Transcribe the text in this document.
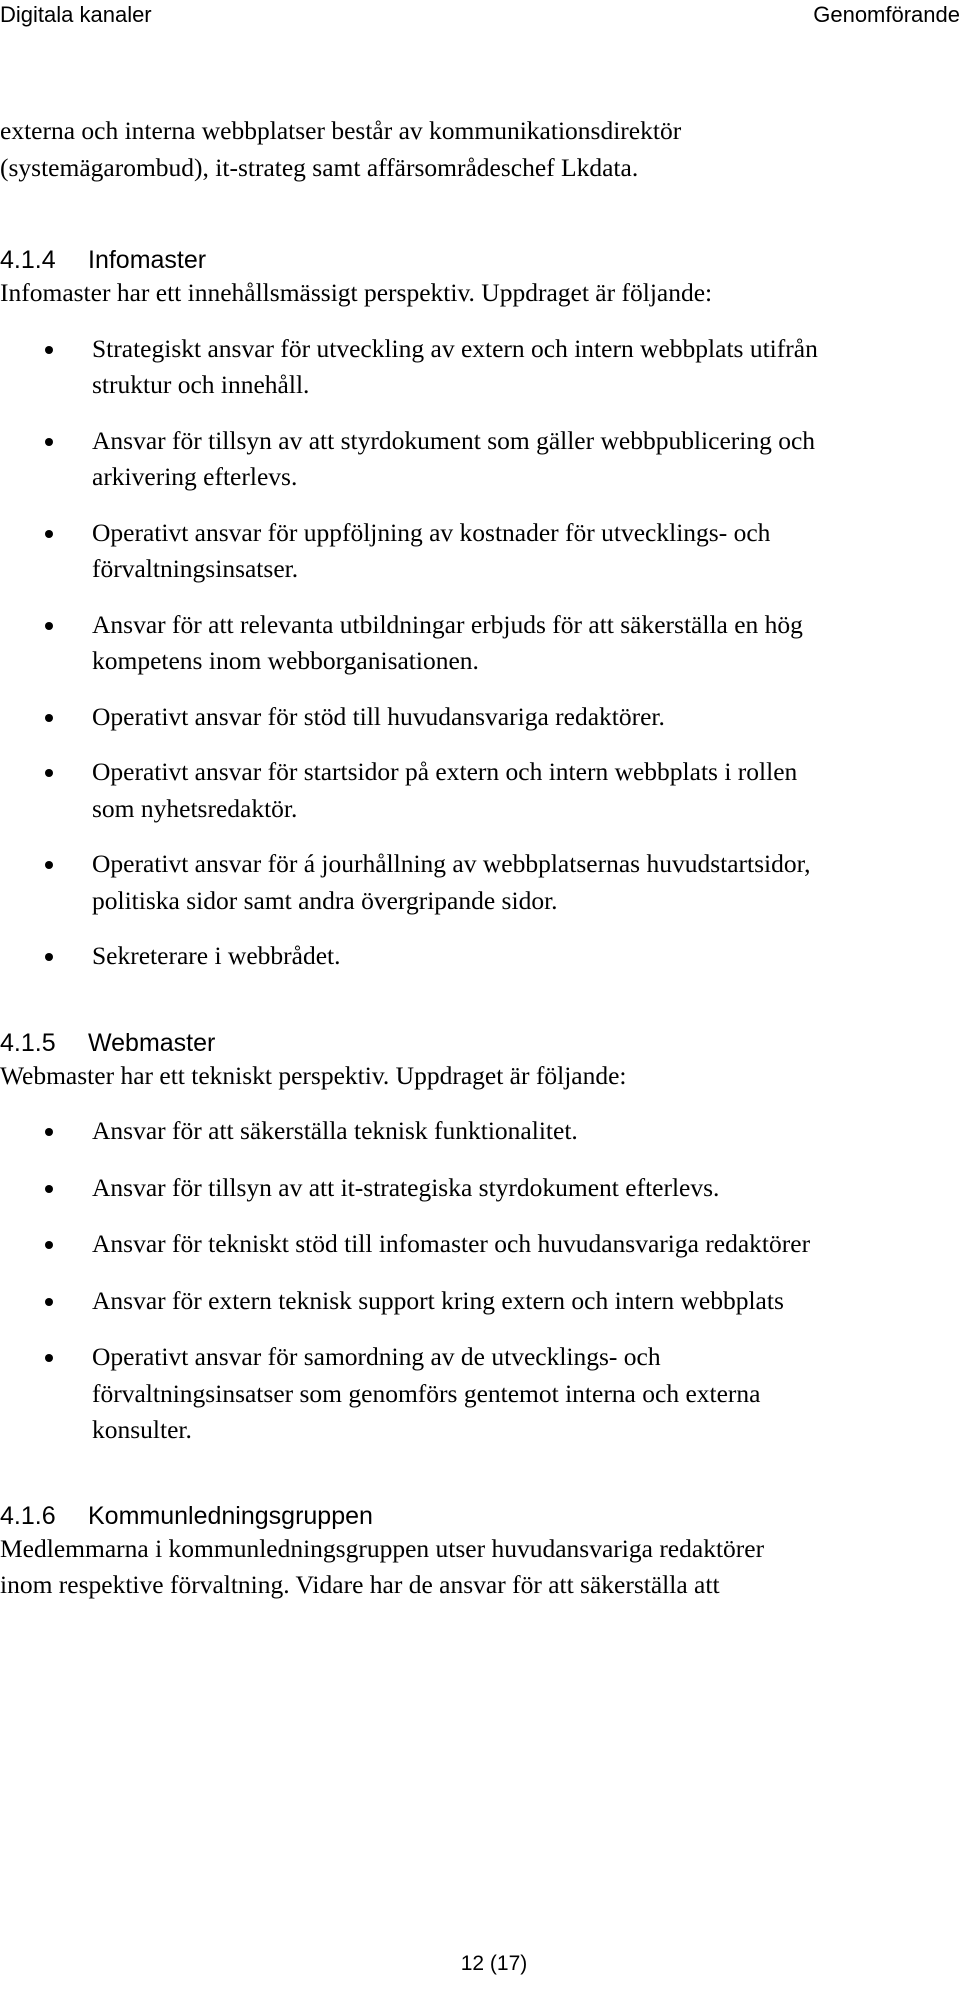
Digitala kanaler	Genomförande
externa och interna webbplatser består av kommunikationsdirektör
(systemägarombud), it-strateg samt affärsområdeschef Lkdata.
4.1.4 Infomaster
Infomaster har ett innehållsmässigt perspektiv. Uppdraget är följande:
Strategiskt ansvar för utveckling av extern och intern webbplats utifrån
struktur och innehåll.
Ansvar för tillsyn av att styrdokument som gäller webbpublicering och
arkivering efterlevs.
Operativt ansvar för uppföljning av kostnader för utvecklings- och
förvaltningsinsatser.
Ansvar för att relevanta utbildningar erbjuds för att säkerställa en hög
kompetens inom webborganisationen.
Operativt ansvar för stöd till huvudansvariga redaktörer.
Operativt ansvar för startsidor på extern och intern webbplats i rollen
som nyhetsredaktör.
Operativt ansvar för á jourhållning av webbplatsernas huvudstartsidor,
politiska sidor samt andra övergripande sidor.
Sekreterare i webbrådet.
4.1.5 Webmaster
Webmaster har ett tekniskt perspektiv. Uppdraget är följande:
Ansvar för att säkerställa teknisk funktionalitet.
Ansvar för tillsyn av att it-strategiska styrdokument efterlevs.
Ansvar för tekniskt stöd till infomaster och huvudansvariga redaktörer
Ansvar för extern teknisk support kring extern och intern webbplats
Operativt ansvar för samordning av de utvecklings- och
förvaltningsinsatser som genomförs gentemot interna och externa
konsulter.
4.1.6 Kommunledningsgruppen
Medlemmarna i kommunledningsgruppen utser huvudansvariga redaktörer
inom respektive förvaltning. Vidare har de ansvar för att säkerställa att
12 (17)
